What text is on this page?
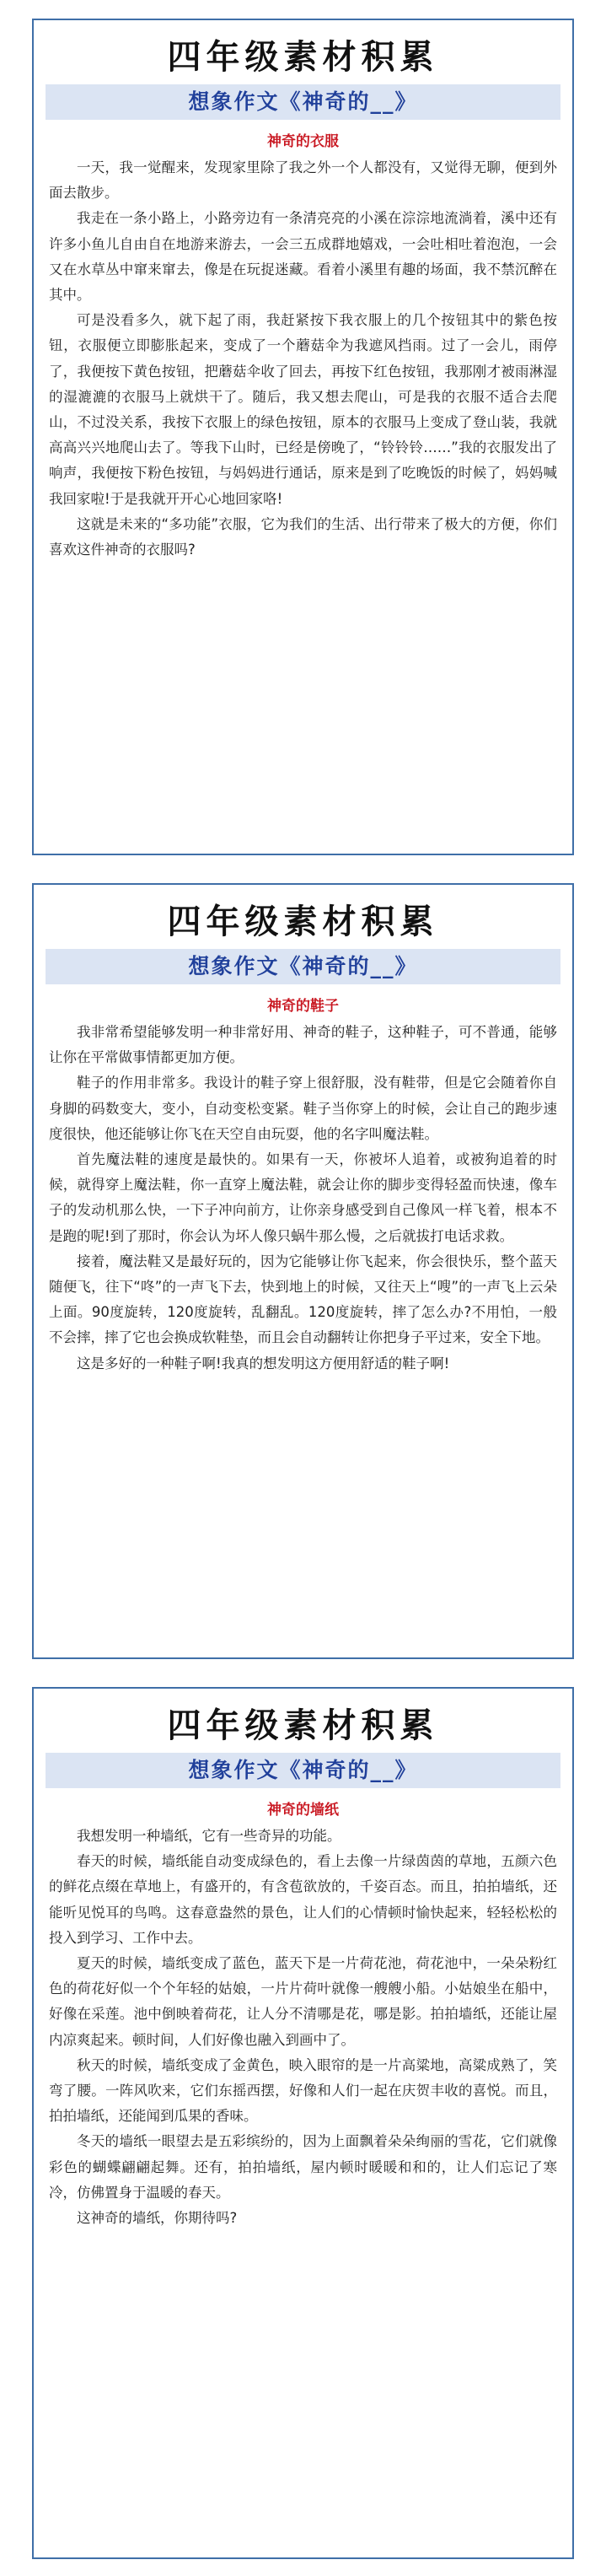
四年级素材积累
想象作文《神奇的__》
神奇的衣服

一天，我一觉醒来，发现家里除了我之外一个人都没有，又觉得无聊，便到外面去散步。

我走在一条小路上，小路旁边有一条清亮亮的小溪在淙淙地流淌着，溪中还有许多小鱼儿自由自在地游来游去，一会三五成群地嬉戏，一会吐相吐着泡泡，一会又在水草丛中窜来窜去，像是在玩捉迷藏。看着小溪里有趣的场面，我不禁沉醉在其中。

可是没看多久，就下起了雨，我赶紧按下我衣服上的几个按钮其中的紫色按钮，衣服便立即膨胀起来，变成了一个蘑菇伞为我遮风挡雨。过了一会儿，雨停了，我便按下黄色按钮，把蘑菇伞收了回去，再按下红色按钮，我那刚才被雨淋湿的湿漉漉的衣服马上就烘干了。随后，我又想去爬山，可是我的衣服不适合去爬山，不过没关系，我按下衣服上的绿色按钮，原本的衣服马上变成了登山装，我就高高兴兴地爬山去了。等我下山时，已经是傍晚了，“铃铃铃……”我的衣服发出了响声，我便按下粉色按钮，与妈妈进行通话，原来是到了吃晚饭的时候了，妈妈喊我回家啦!于是我就开开心心地回家咯!

这就是未来的“多功能”衣服，它为我们的生活、出行带来了极大的方便，你们喜欢这件神奇的衣服吗?

四年级素材积累
想象作文《神奇的__》
神奇的鞋子

我非常希望能够发明一种非常好用、神奇的鞋子，这种鞋子，可不普通，能够让你在平常做事情都更加方便。

鞋子的作用非常多。我设计的鞋子穿上很舒服，没有鞋带，但是它会随着你自身脚的码数变大，变小，自动变松变紧。鞋子当你穿上的时候，会让自己的跑步速度很快，他还能够让你飞在天空自由玩耍，他的名字叫魔法鞋。

首先魔法鞋的速度是最快的。如果有一天，你被坏人追着，或被狗追着的时候，就得穿上魔法鞋，你一直穿上魔法鞋，就会让你的脚步变得轻盈而快速，像车子的发动机那么快，一下子冲向前方，让你亲身感受到自己像风一样飞着，根本不是跑的呢!到了那时，你会认为坏人像只蜗牛那么慢，之后就拔打电话求救。

接着，魔法鞋又是最好玩的，因为它能够让你飞起来，你会很快乐，整个蓝天随便飞，往下“咚”的一声飞下去，快到地上的时候，又往天上“嗖”的一声飞上云朵上面。90度旋转，120度旋转，乱翻乱。120度旋转，摔了怎么办?不用怕，一般不会摔，摔了它也会换成软鞋垫，而且会自动翻转让你把身子平过来，安全下地。

这是多好的一种鞋子啊!我真的想发明这方便用舒适的鞋子啊!

四年级素材积累
想象作文《神奇的__》
神奇的墙纸

我想发明一种墙纸，它有一些奇异的功能。

春天的时候，墙纸能自动变成绿色的，看上去像一片绿茵茵的草地，五颜六色的鲜花点缀在草地上，有盛开的，有含苞欲放的，千姿百态。而且，拍拍墙纸，还能听见悦耳的鸟鸣。这春意盎然的景色，让人们的心情顿时愉快起来，轻轻松松的投入到学习、工作中去。

夏天的时候，墙纸变成了蓝色，蓝天下是一片荷花池，荷花池中，一朵朵粉红色的荷花好似一个个年轻的姑娘，一片片荷叶就像一艘艘小船。小姑娘坐在船中，好像在采莲。池中倒映着荷花，让人分不清哪是花，哪是影。拍拍墙纸，还能让屋内凉爽起来。顿时间，人们好像也融入到画中了。

秋天的时候，墙纸变成了金黄色，映入眼帘的是一片高粱地，高粱成熟了，笑弯了腰。一阵风吹来，它们东摇西摆，好像和人们一起在庆贺丰收的喜悦。而且，拍拍墙纸，还能闻到瓜果的香味。

冬天的墙纸一眼望去是五彩缤纷的，因为上面飘着朵朵绚丽的雪花，它们就像彩色的蝴蝶翩翩起舞。还有，拍拍墙纸，屋内顿时暖暖和和的，让人们忘记了寒冷，仿佛置身于温暖的春天。

这神奇的墙纸，你期待吗?
